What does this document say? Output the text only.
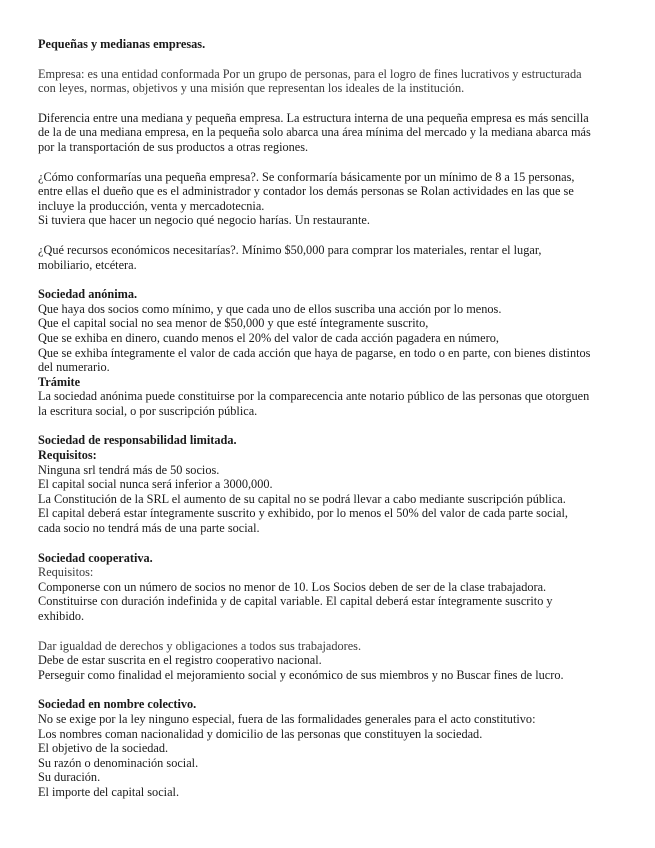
Pequeñas y medianas empresas.

Empresa: es una entidad conformada Por un grupo de personas, para el logro de fines lucrativos y estructurada

con leyes, normas, objetivos y una misión que representan los ideales de la institución.

Diferencia entre una mediana y pequeña empresa. La estructura interna de una pequeña empresa es más sencilla

de la de una mediana empresa, en la pequeña solo abarca una área mínima del mercado y la mediana abarca más

por la transportación de sus productos a otras regiones.

¿Cómo conformarías una pequeña empresa?. Se conformaría básicamente por un mínimo de 8 a 15 personas,

entre ellas el dueño que es el administrador y contador los demás personas se Rolan actividades en las que se

incluye la producción, venta y mercadotecnia.

Si tuviera que hacer un negocio qué negocio harías. Un restaurante.

¿Qué recursos económicos necesitarías?. Mínimo $50,000 para comprar los materiales, rentar el lugar,

mobiliario, etcétera.

Sociedad anónima.

Que haya dos socios como mínimo, y que cada uno de ellos suscriba una acción por lo menos.

Que el capital social no sea menor de $50,000 y que esté íntegramente suscrito,

Que se exhiba en dinero, cuando menos el 20% del valor de cada acción pagadera en número,

Que se exhiba íntegramente el valor de cada acción que haya de pagarse, en todo o en parte, con bienes distintos

del numerario.

Trámite

La sociedad anónima puede constituirse por la comparecencia ante notario público de las personas que otorguen

la escritura social, o por suscripción pública.

Sociedad de responsabilidad limitada.

Requisitos:

Ninguna srl tendrá más de 50 socios.

El capital social nunca será inferior a 3000,000.

La Constitución de la SRL el aumento de su capital no se podrá llevar a cabo mediante suscripción pública.

El capital deberá estar íntegramente suscrito y exhibido, por lo menos el 50% del valor de cada parte social,

cada socio no tendrá más de una parte social.

Sociedad cooperativa.

Requisitos:

Componerse con un número de socios no menor de 10. Los Socios deben de ser de la clase trabajadora.

Constituirse con duración indefinida y de capital variable. El capital deberá estar íntegramente suscrito y

exhibido.

Dar igualdad de derechos y obligaciones a todos sus trabajadores.

Debe de estar suscrita en el registro cooperativo nacional.

Perseguir como finalidad el mejoramiento social y económico de sus miembros y no Buscar fines de lucro.

Sociedad en nombre colectivo.

No se exige por la ley ninguno especial, fuera de las formalidades generales para el acto constitutivo:

Los nombres coman nacionalidad y domicilio de las personas que constituyen la sociedad.

El objetivo de la sociedad.

Su razón o denominación social.

Su duración.

El importe del capital social.
